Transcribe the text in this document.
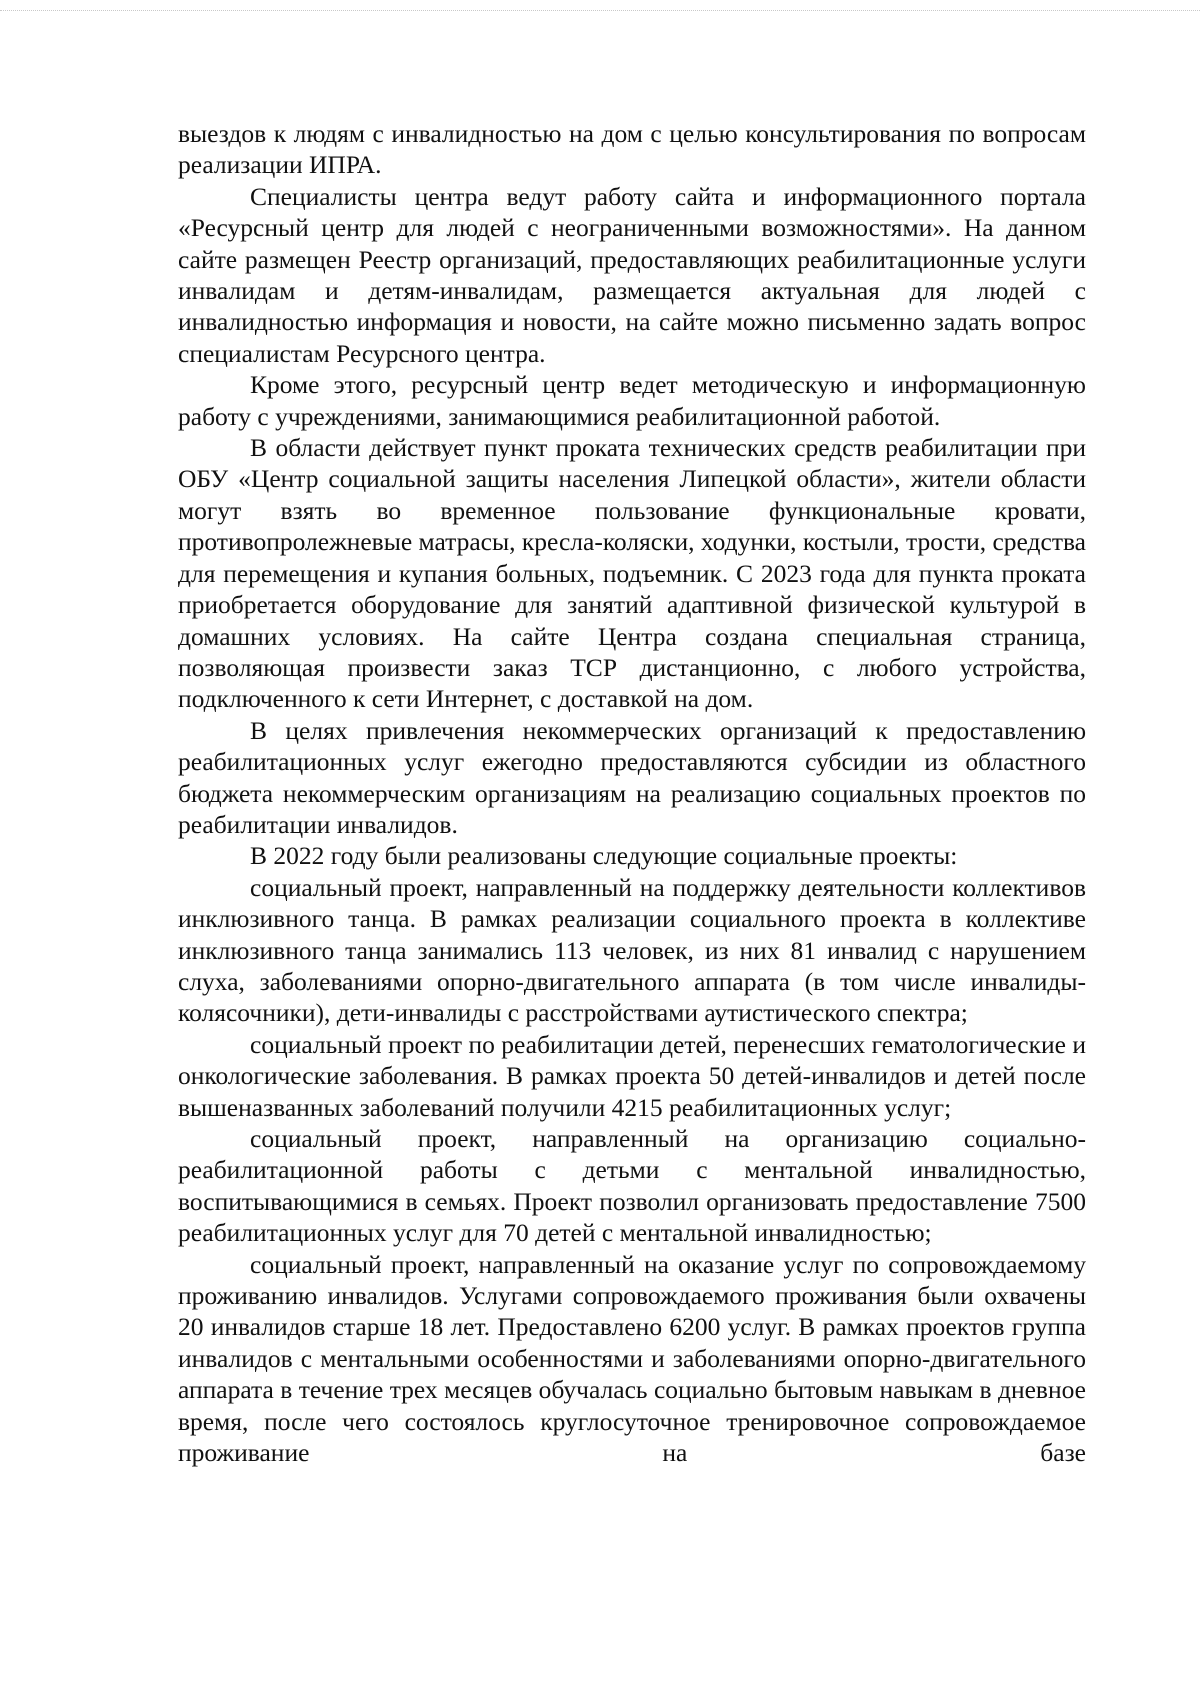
выездов к людям с инвалидностью на дом с целью консультирования по вопросам реализации ИПРА.

Специалисты центра ведут работу сайта и информационного портала «Ресурсный центр для людей с неограниченными возможностями». На данном сайте размещен Реестр организаций, предоставляющих реабилитационные услуги инвалидам и детям-инвалидам, размещается актуальная для людей с инвалидностью информация и новости, на сайте можно письменно задать вопрос специалистам Ресурсного центра.

Кроме этого, ресурсный центр ведет методическую и информационную работу с учреждениями, занимающимися реабилитационной работой.

В области действует пункт проката технических средств реабилитации при ОБУ «Центр социальной защиты населения Липецкой области», жители области могут взять во временное пользование функциональные кровати, противопролежневые матрасы, кресла-коляски, ходунки, костыли, трости, средства для перемещения и купания больных, подъемник. С 2023 года для пункта проката приобретается оборудование для занятий адаптивной физической культурой в домашних условиях. На сайте Центра создана специальная страница, позволяющая произвести заказ ТСР дистанционно, с любого устройства, подключенного к сети Интернет, с доставкой на дом.

В целях привлечения некоммерческих организаций к предоставлению реабилитационных услуг ежегодно предоставляются субсидии из областного бюджета некоммерческим организациям на реализацию социальных проектов по реабилитации инвалидов.

В 2022 году были реализованы следующие социальные проекты:

социальный проект, направленный на поддержку деятельности коллективов инклюзивного танца. В рамках реализации социального проекта в коллективе инклюзивного танца занимались 113 человек, из них 81 инвалид с нарушением слуха, заболеваниями опорно-двигательного аппарата (в том числе инвалиды-колясочники), дети-инвалиды с расстройствами аутистического спектра;

социальный проект по реабилитации детей, перенесших гематологические и онкологические заболевания. В рамках проекта 50 детей-инвалидов и детей после вышеназванных заболеваний получили 4215 реабилитационных услуг;

социальный проект, направленный на организацию социально-реабилитационной работы с детьми с ментальной инвалидностью, воспитывающимися в семьях. Проект позволил организовать предоставление 7500 реабилитационных услуг для 70 детей с ментальной инвалидностью;

социальный проект, направленный на оказание услуг по сопровождаемому проживанию инвалидов. Услугами сопровождаемого проживания были охвачены 20 инвалидов старше 18 лет. Предоставлено 6200 услуг. В рамках проектов группа инвалидов с ментальными особенностями и заболеваниями опорно-двигательного аппарата в течение трех месяцев обучалась социально бытовым навыкам в дневное время, после чего состоялось круглосуточное тренировочное сопровождаемое проживание на базе
